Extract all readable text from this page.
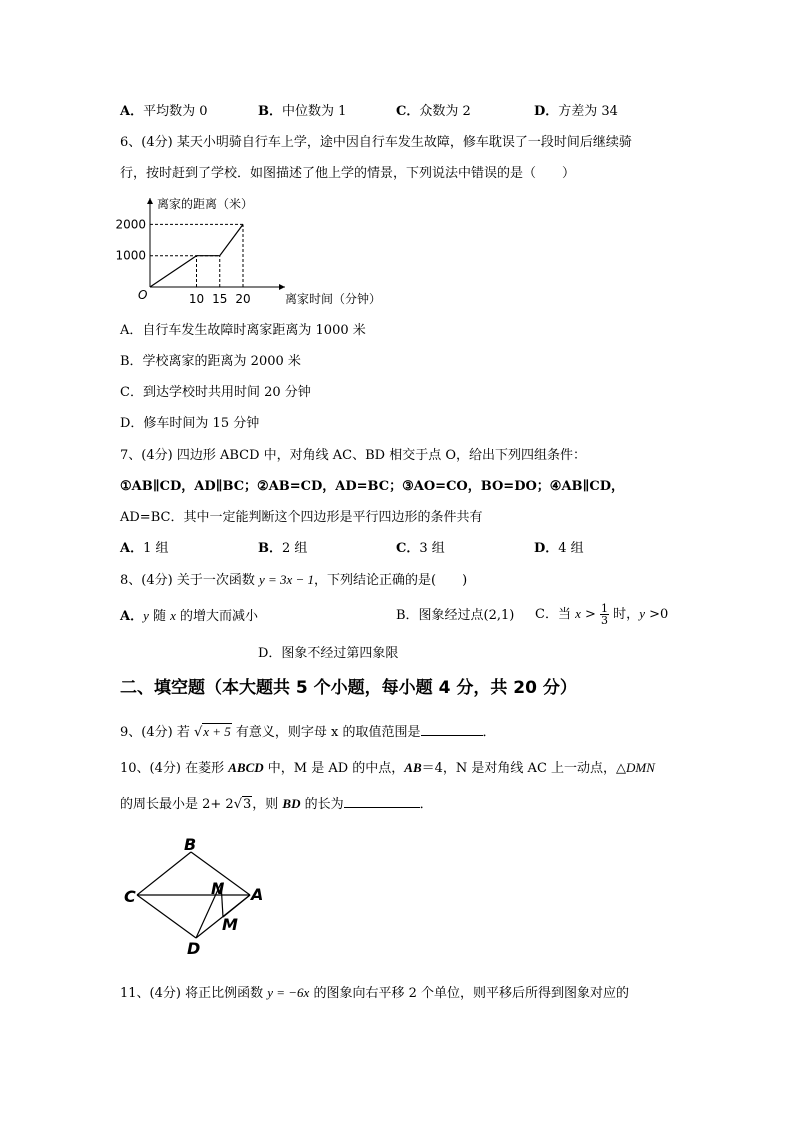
A．平均数为 0	B．中位数为 1	C．众数为 2	D．方差为 34
6、(4分) 某天小明骑自行车上学，途中因自行车发生故障，修车耽误了一段时间后继续骑
行，按时赶到了学校．如图描述了他上学的情景，下列说法中错误的是（　　）
离家的距离（米）
离家时间（分钟）
O
1000
2000
10 15 20
A．自行车发生故障时离家距离为 1000 米
B．学校离家的距离为 2000 米
C．到达学校时共用时间 20 分钟
D．修车时间为 15 分钟
7、(4分) 四边形 ABCD 中，对角线 AC、BD 相交于点 O，给出下列四组条件：
①AB∥CD，AD∥BC；②AB=CD，AD=BC；③AO=CO，BO=DO；④AB∥CD，
AD=BC．其中一定能判断这个四边形是平行四边形的条件共有
A．1 组	B．2 组	C．3 组	D．4 组
8、(4分) 关于一次函数 y = 3x − 1，下列结论正确的是(　　)
A．y 随 x 的增大而减小	B．图象经过点(2,1) C．当 $x > \frac{1}{3}$ 时，y >0
D．图象不经过第四象限
二、填空题（本大题共 5 个小题，每小题 4 分，共 20 分）
9、(4分) 若 √x + 5 有意义，则字母 x 的取值范围是	．
10、(4分) 在菱形 ABCD 中，M 是 AD 的中点，AB＝4，N 是对角线 AC 上一动点，△DMN
的周长最小是 2+ 2√3，则 BD 的长为	．
B
C	A
D
N
M
11、(4分) 将正比例函数 y = −6x 的图象向右平移 2 个单位，则平移后所得到图象对应的
